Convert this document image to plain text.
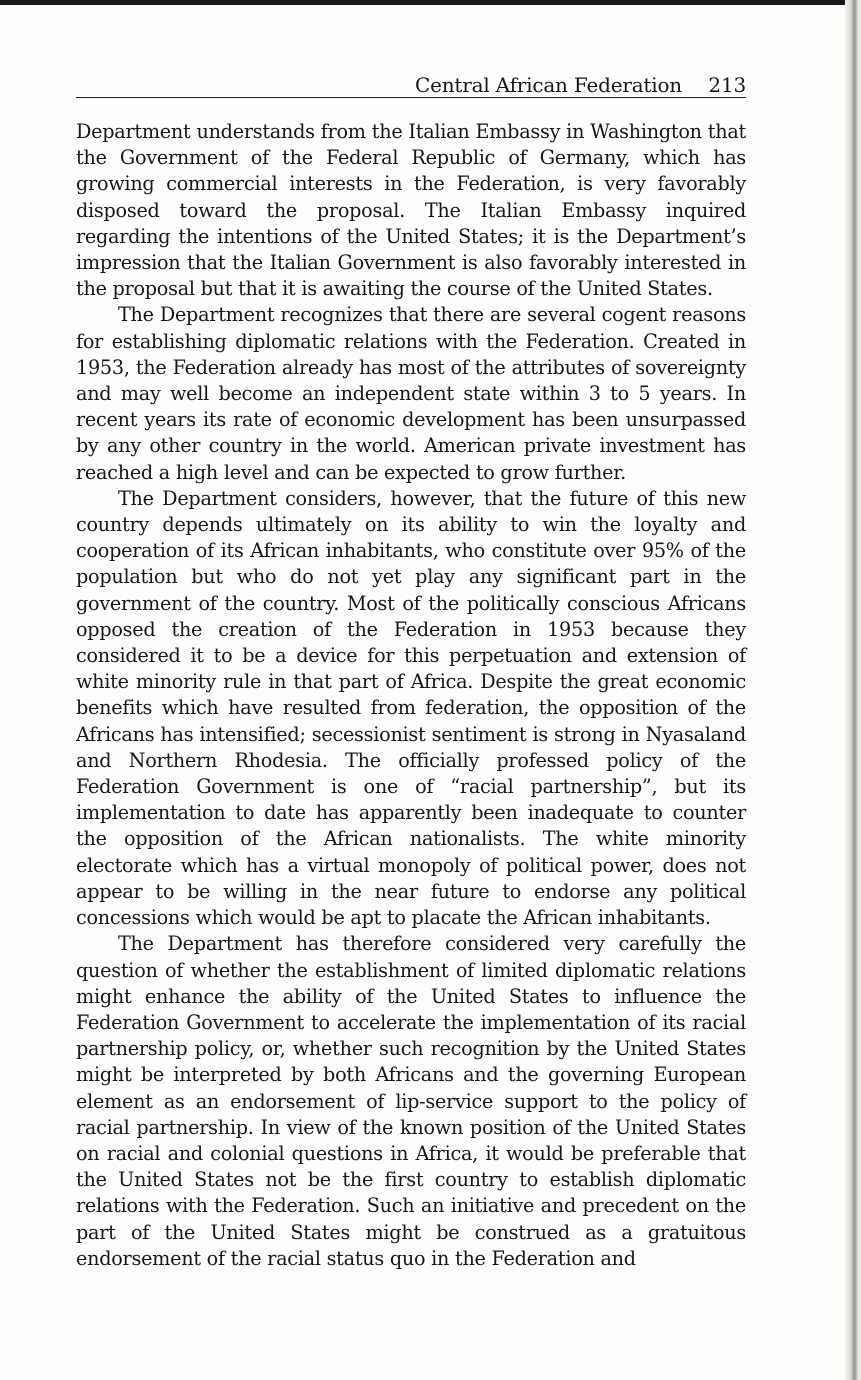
Central African Federation 213

Department understands from the Italian Embassy in Washington that the Government of the Federal Republic of Germany, which has growing commercial interests in the Federation, is very favorably disposed toward the proposal. The Italian Embassy inquired regarding the intentions of the United States; it is the Department’s impression that the Italian Government is also favorably interested in the proposal but that it is awaiting the course of the United States.

The Department recognizes that there are several cogent reasons for establishing diplomatic relations with the Federation. Created in 1953, the Federation already has most of the attributes of sovereignty and may well become an independent state within 3 to 5 years. In recent years its rate of economic development has been unsurpassed by any other country in the world. American private investment has reached a high level and can be expected to grow further.

The Department considers, however, that the future of this new country depends ultimately on its ability to win the loyalty and cooperation of its African inhabitants, who constitute over 95% of the population but who do not yet play any significant part in the government of the country. Most of the politically conscious Africans opposed the creation of the Federation in 1953 because they considered it to be a device for this perpetuation and extension of white minority rule in that part of Africa. Despite the great economic benefits which have resulted from federation, the opposition of the Africans has intensified; secessionist sentiment is strong in Nyasaland and Northern Rhodesia. The officially professed policy of the Federation Government is one of “racial partnership”, but its implementation to date has apparently been inadequate to counter the opposition of the African nationalists. The white minority electorate which has a virtual monopoly of political power, does not appear to be willing in the near future to endorse any political concessions which would be apt to placate the African inhabitants.

The Department has therefore considered very carefully the question of whether the establishment of limited diplomatic relations might enhance the ability of the United States to influence the Federation Government to accelerate the implementation of its racial partnership policy, or, whether such recognition by the United States might be interpreted by both Africans and the governing European element as an endorsement of lip-service support to the policy of racial partnership. In view of the known position of the United States on racial and colonial questions in Africa, it would be preferable that the United States not be the first country to establish diplomatic relations with the Federation. Such an initiative and precedent on the part of the United States might be construed as a gratuitous endorsement of the racial status quo in the Federation and
